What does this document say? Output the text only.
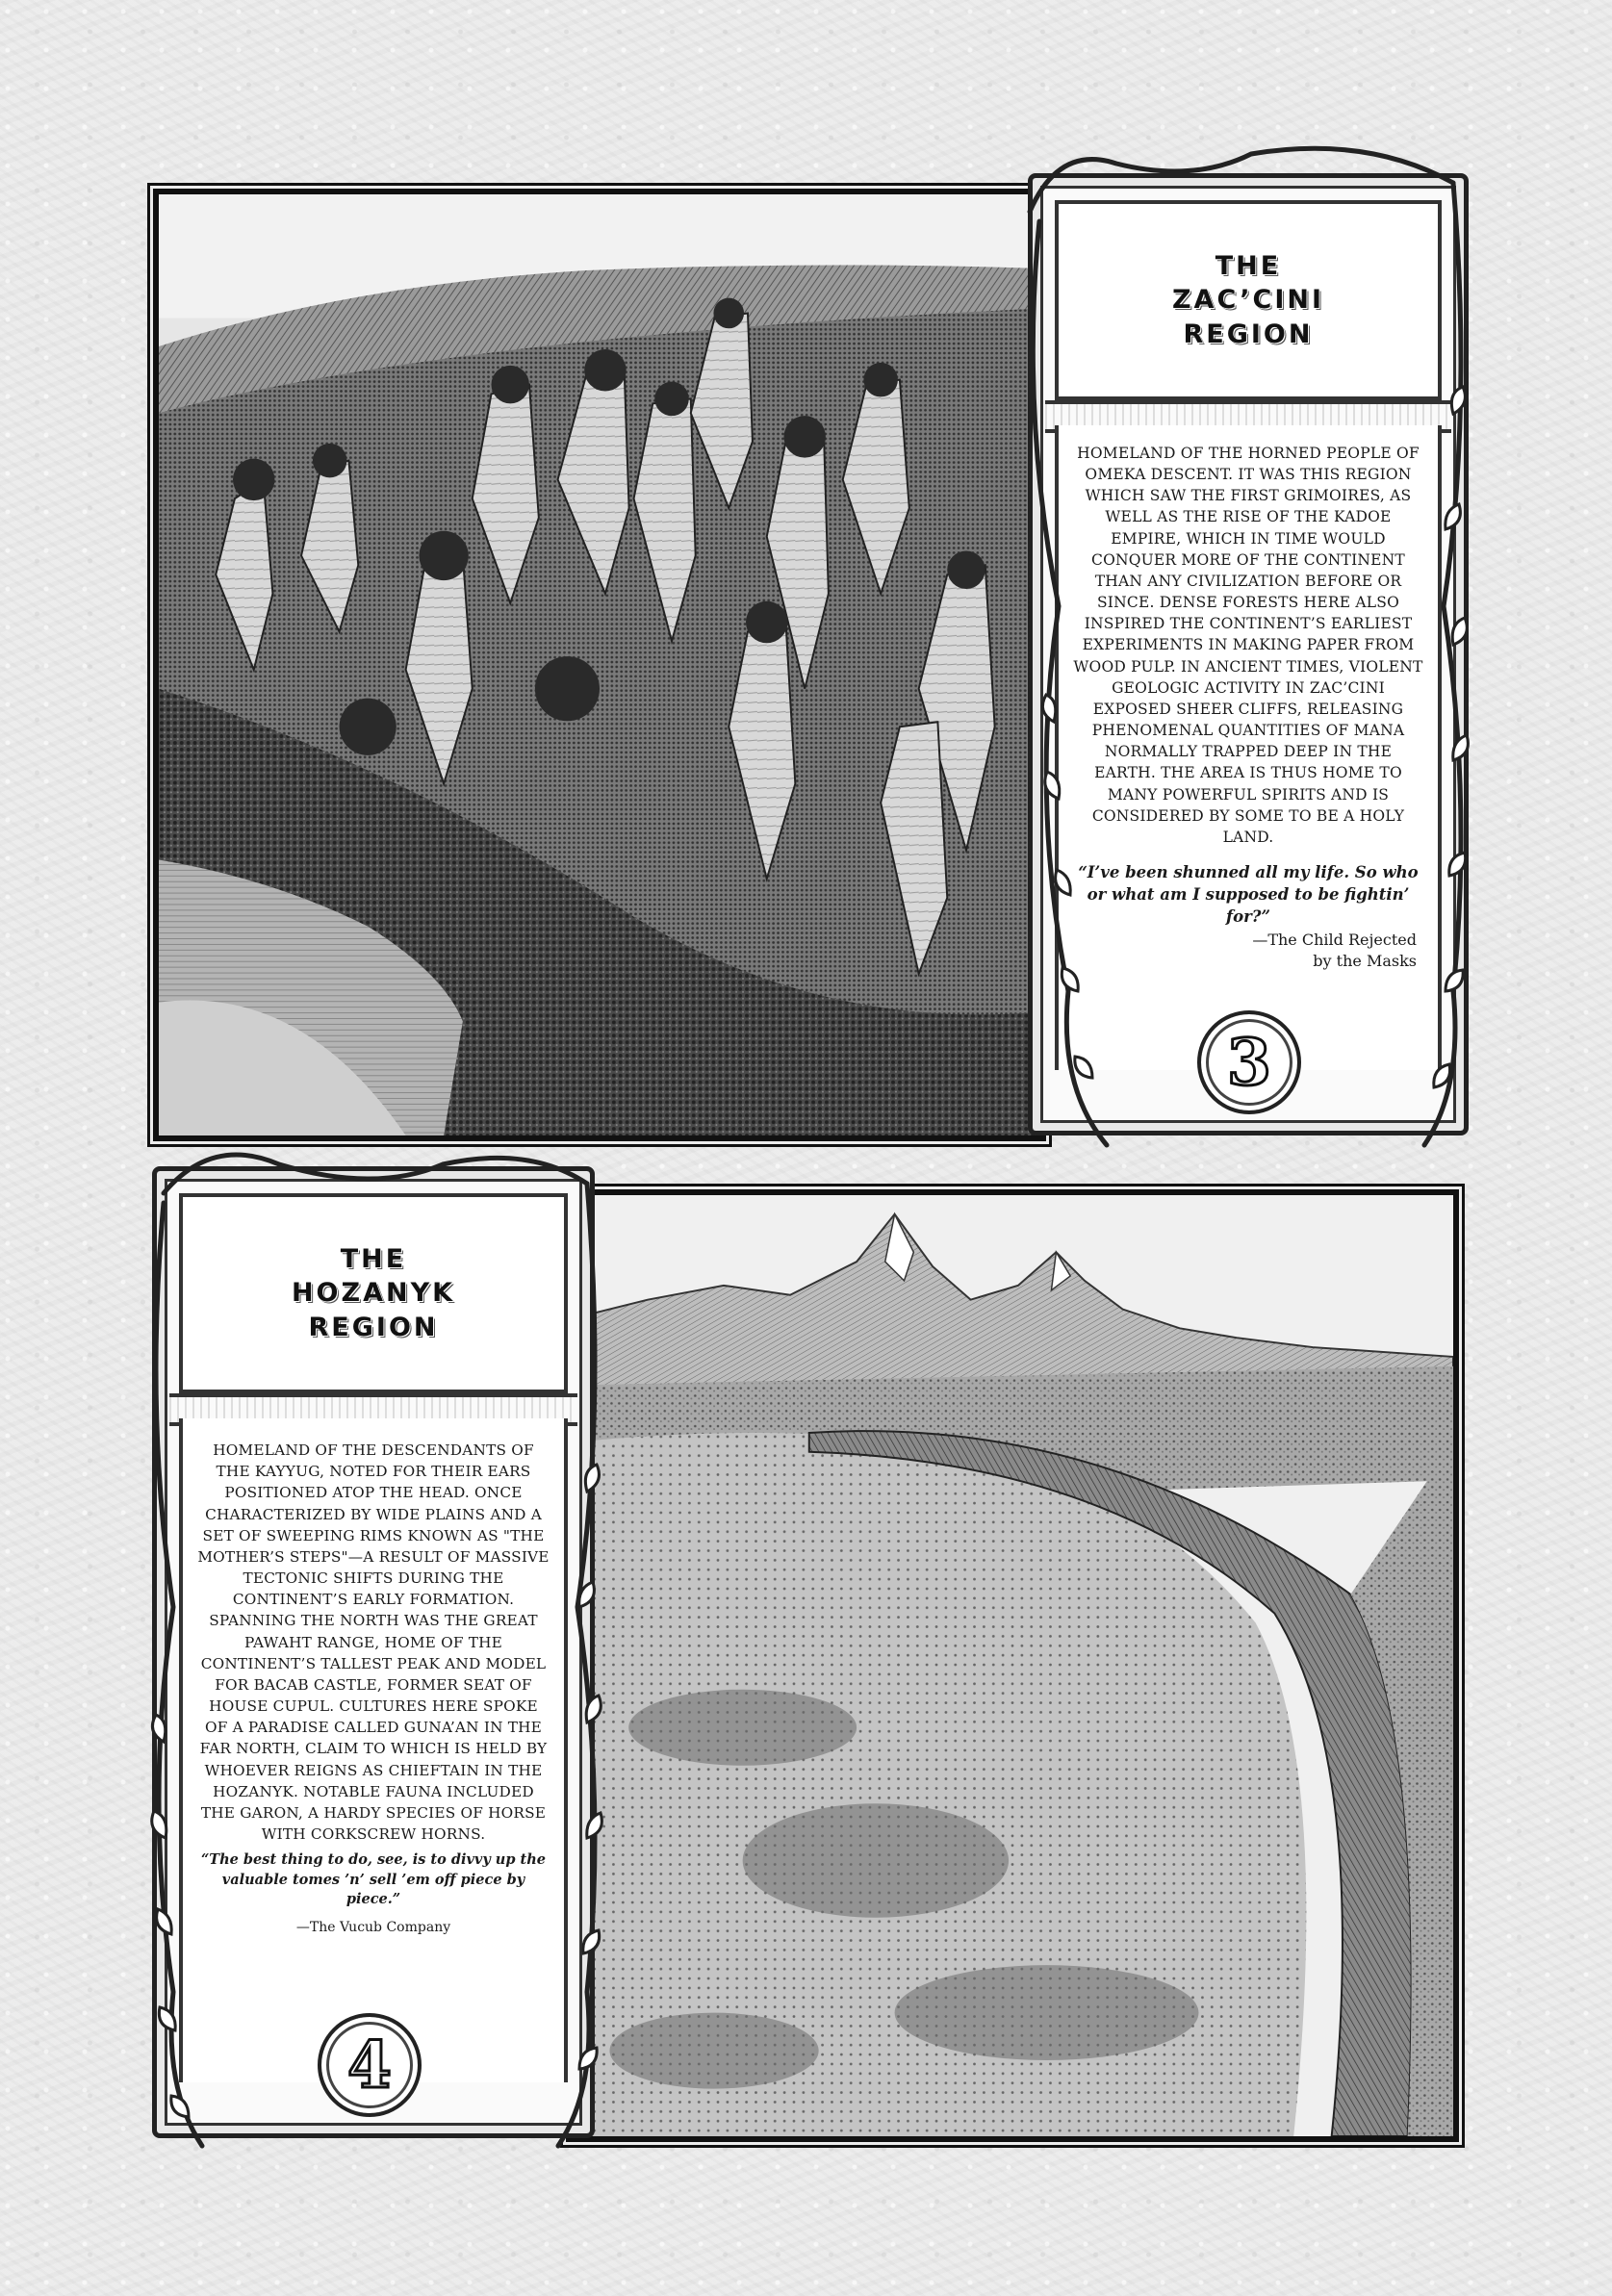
THE
ZAC’CINI
REGION

HOMELAND OF THE HORNED PEOPLE OF OMEKA DESCENT. IT WAS THIS REGION WHICH SAW THE FIRST GRIMOIRES, AS WELL AS THE RISE OF THE KADOE EMPIRE, WHICH IN TIME WOULD CONQUER MORE OF THE CONTINENT THAN ANY CIVILIZATION BEFORE OR SINCE. DENSE FORESTS HERE ALSO INSPIRED THE CONTINENT’S EARLIEST EXPERIMENTS IN MAKING PAPER FROM WOOD PULP. IN ANCIENT TIMES, VIOLENT GEOLOGIC ACTIVITY IN ZAC’CINI EXPOSED SHEER CLIFFS, RELEASING PHENOMENAL QUANTITIES OF MANA NORMALLY TRAPPED DEEP IN THE EARTH. THE AREA IS THUS HOME TO MANY POWERFUL SPIRITS AND IS CONSIDERED BY SOME TO BE A HOLY LAND.

“I’ve been shunned all my life. So who or what am I supposed to be fightin’ for?”

—The Child Rejected
by the Masks

3
THE
HOZANYK
REGION

HOMELAND OF THE DESCENDANTS OF THE KAYYUG, NOTED FOR THEIR EARS POSITIONED ATOP THE HEAD. ONCE CHARACTERIZED BY WIDE PLAINS AND A SET OF SWEEPING RIMS KNOWN AS "THE MOTHER’S STEPS"—A RESULT OF MASSIVE TECTONIC SHIFTS DURING THE CONTINENT’S EARLY FORMATION. SPANNING THE NORTH WAS THE GREAT PAWAHT RANGE, HOME OF THE CONTINENT’S TALLEST PEAK AND MODEL FOR BACAB CASTLE, FORMER SEAT OF HOUSE CUPUL. CULTURES HERE SPOKE OF A PARADISE CALLED GUNA’AN IN THE FAR NORTH, CLAIM TO WHICH IS HELD BY WHOEVER REIGNS AS CHIEFTAIN IN THE HOZANYK. NOTABLE FAUNA INCLUDED THE GARON, A HARDY SPECIES OF HORSE WITH CORKSCREW HORNS.

“The best thing to do, see, is to divvy up the valuable tomes ’n’ sell ’em off piece by piece.”

—The Vucub Company

4
